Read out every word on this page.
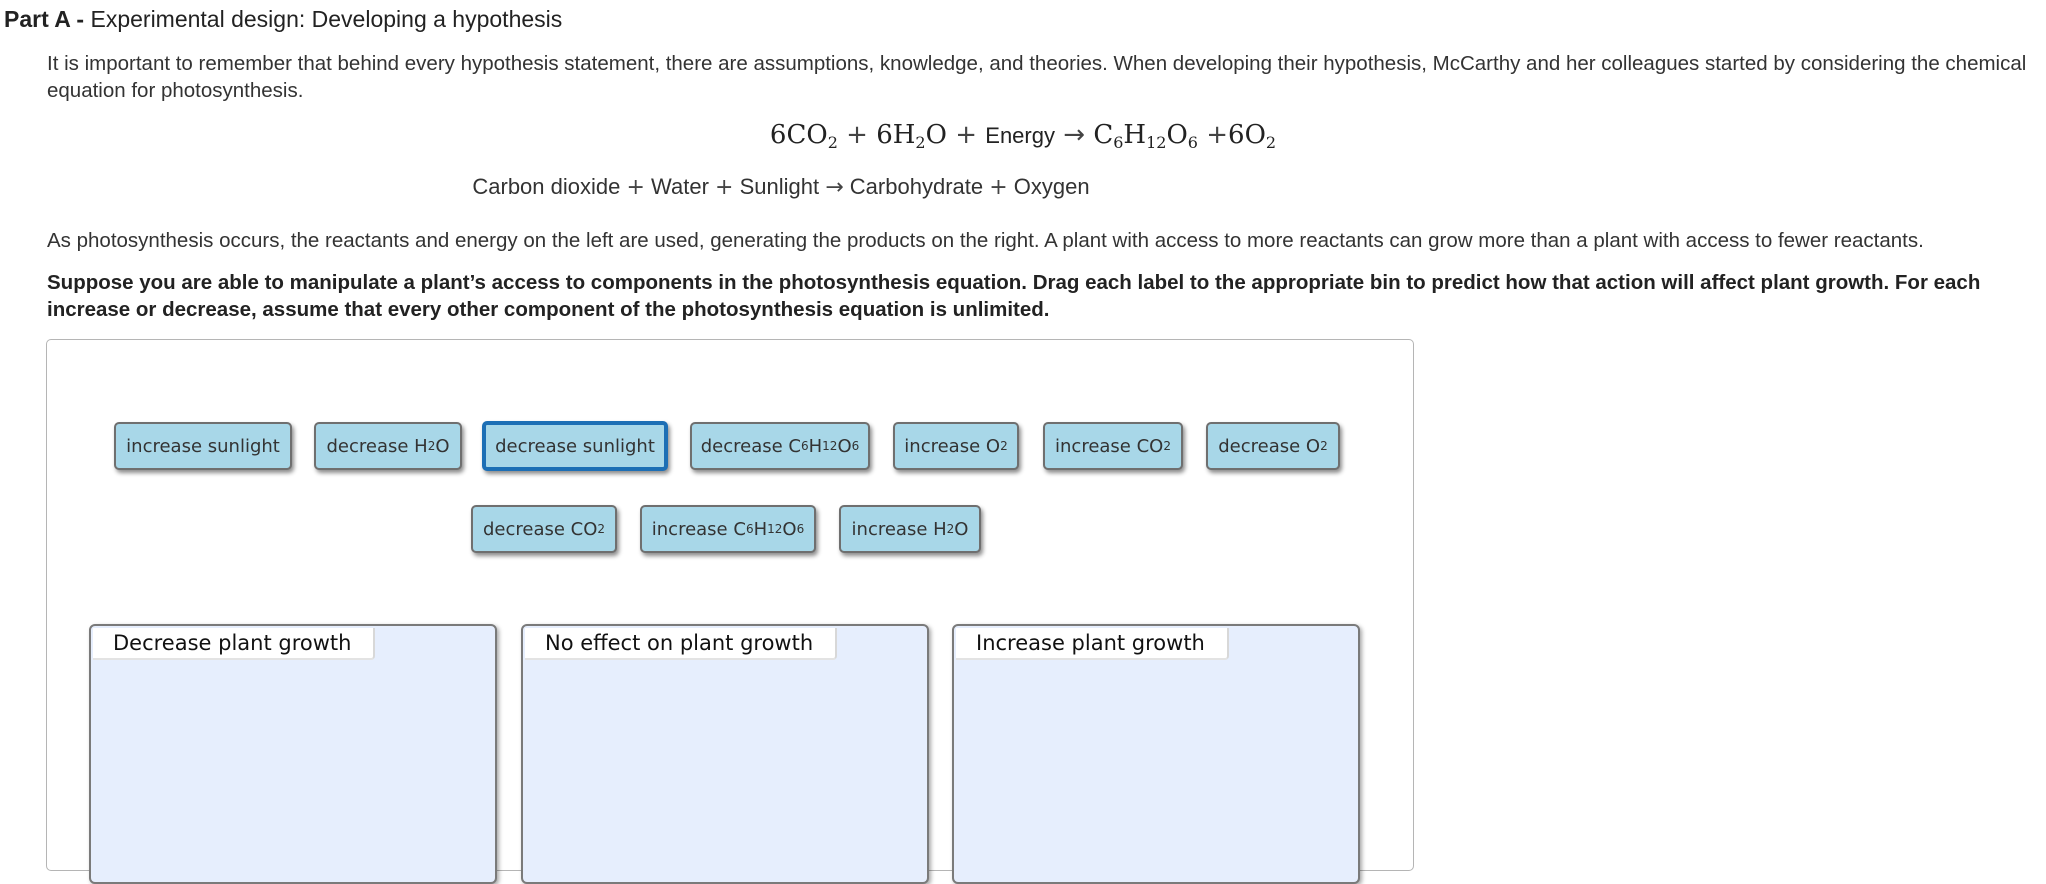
Part A - Experimental design: Developing a hypothesis
It is important to remember that behind every hypothesis statement, there are assumptions, knowledge, and theories. When developing their hypothesis, McCarthy and her colleagues started by considering the chemical equation for photosynthesis.
$6CO_2 + 6H_2O$ + Energy → $C_6H_{12}O_6 +6O_2$
Carbon dioxide + Water + Sunlight → Carbohydrate + Oxygen
As photosynthesis occurs, the reactants and energy on the left are used, generating the products on the right. A plant with access to more reactants can grow more than a plant with access to fewer reactants.
Suppose you are able to manipulate a plant’s access to components in the photosynthesis equation. Drag each label to the appropriate bin to predict how that action will affect plant growth. For each increase or decrease, assume that every other component of the photosynthesis equation is unlimited.
increase sunlight	decrease H 2 O	decrease sunlight	decrease C 6 H 12 O 6	increase O 2	increase CO 2	decrease O 2
decrease CO 2	increase C 6 H 12 O 6	increase H 2 O
Decrease plant growth	No effect on plant growth	Increase plant growth
